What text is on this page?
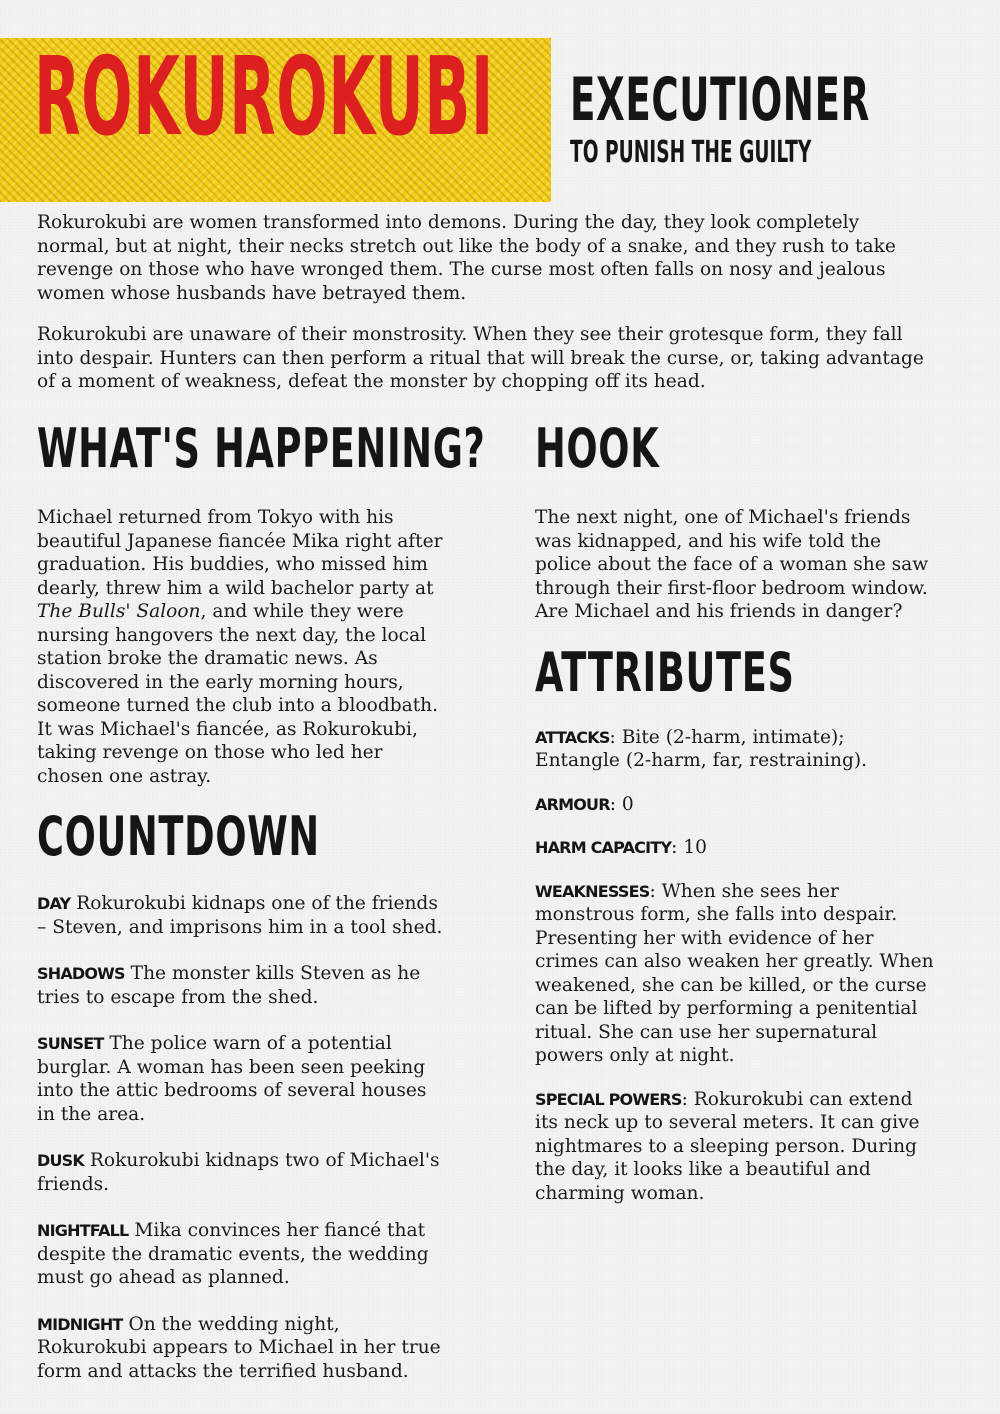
ROKUROKUBI EXECUTIONER
TO PUNISH THE GUILTY

Rokurokubi are women transformed into demons. During the day, they look completely normal, but at night, their necks stretch out like the body of a snake, and they rush to take revenge on those who have wronged them. The curse most often falls on nosy and jealous women whose husbands have betrayed them.

Rokurokubi are unaware of their monstrosity. When they see their grotesque form, they fall into despair. Hunters can then perform a ritual that will break the curse, or, taking advantage of a moment of weakness, defeat the monster by chopping off its head.

WHAT'S HAPPENING?

Michael returned from Tokyo with his beautiful Japanese fiancée Mika right after graduation. His buddies, who missed him dearly, threw him a wild bachelor party at The Bulls' Saloon, and while they were nursing hangovers the next day, the local station broke the dramatic news. As discovered in the early morning hours, someone turned the club into a bloodbath. It was Michael's fiancée, as Rokurokubi, taking revenge on those who led her chosen one astray.

COUNTDOWN

DAY Rokurokubi kidnaps one of the friends – Steven, and imprisons him in a tool shed.

SHADOWS The monster kills Steven as he tries to escape from the shed.

SUNSET The police warn of a potential burglar. A woman has been seen peeking into the attic bedrooms of several houses in the area.

DUSK Rokurokubi kidnaps two of Michael's friends.

NIGHTFALL Mika convinces her fiancé that despite the dramatic events, the wedding must go ahead as planned.

MIDNIGHT On the wedding night, Rokurokubi appears to Michael in her true form and attacks the terrified husband.

HOOK

The next night, one of Michael's friends was kidnapped, and his wife told the police about the face of a woman she saw through their first-floor bedroom window. Are Michael and his friends in danger?

ATTRIBUTES

ATTACKS: Bite (2-harm, intimate); Entangle (2-harm, far, restraining).

ARMOUR: 0

HARM CAPACITY: 10

WEAKNESSES: When she sees her monstrous form, she falls into despair. Presenting her with evidence of her crimes can also weaken her greatly. When weakened, she can be killed, or the curse can be lifted by performing a penitential ritual. She can use her supernatural powers only at night.

SPECIAL POWERS: Rokurokubi can extend its neck up to several meters. It can give nightmares to a sleeping person. During the day, it looks like a beautiful and charming woman.
